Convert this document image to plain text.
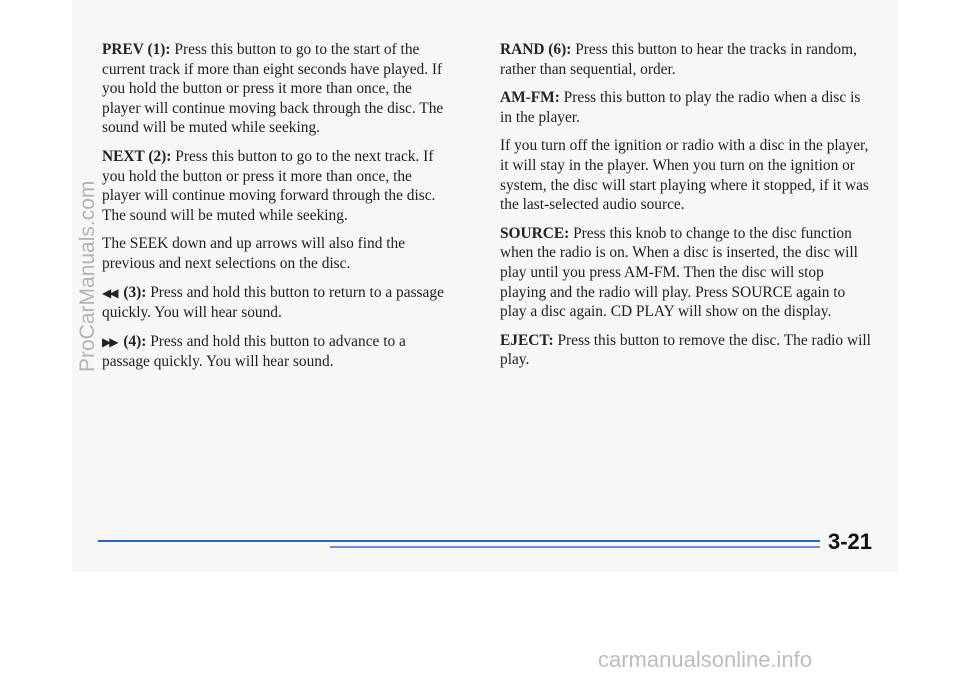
PREV (1): Press this button to go to the start of the current track if more than eight seconds have played. If you hold the button or press it more than once, the player will continue moving back through the disc. The sound will be muted while seeking.

NEXT (2): Press this button to go to the next track. If you hold the button or press it more than once, the player will continue moving forward through the disc. The sound will be muted while seeking.

The SEEK down and up arrows will also find the previous and next selections on the disc.

◀◀ (3): Press and hold this button to return to a passage quickly. You will hear sound.

▶▶ (4): Press and hold this button to advance to a passage quickly. You will hear sound.

RAND (6): Press this button to hear the tracks in random, rather than sequential, order.

AM-FM: Press this button to play the radio when a disc is in the player.

If you turn off the ignition or radio with a disc in the player, it will stay in the player. When you turn on the ignition or system, the disc will start playing where it stopped, if it was the last-selected audio source.

SOURCE: Press this knob to change to the disc function when the radio is on. When a disc is inserted, the disc will play until you press AM-FM. Then the disc will stop playing and the radio will play. Press SOURCE again to play a disc again. CD PLAY will show on the display.

EJECT: Press this button to remove the disc. The radio will play.

3-21
ProCarManuals.com
carmanualsonline.info
